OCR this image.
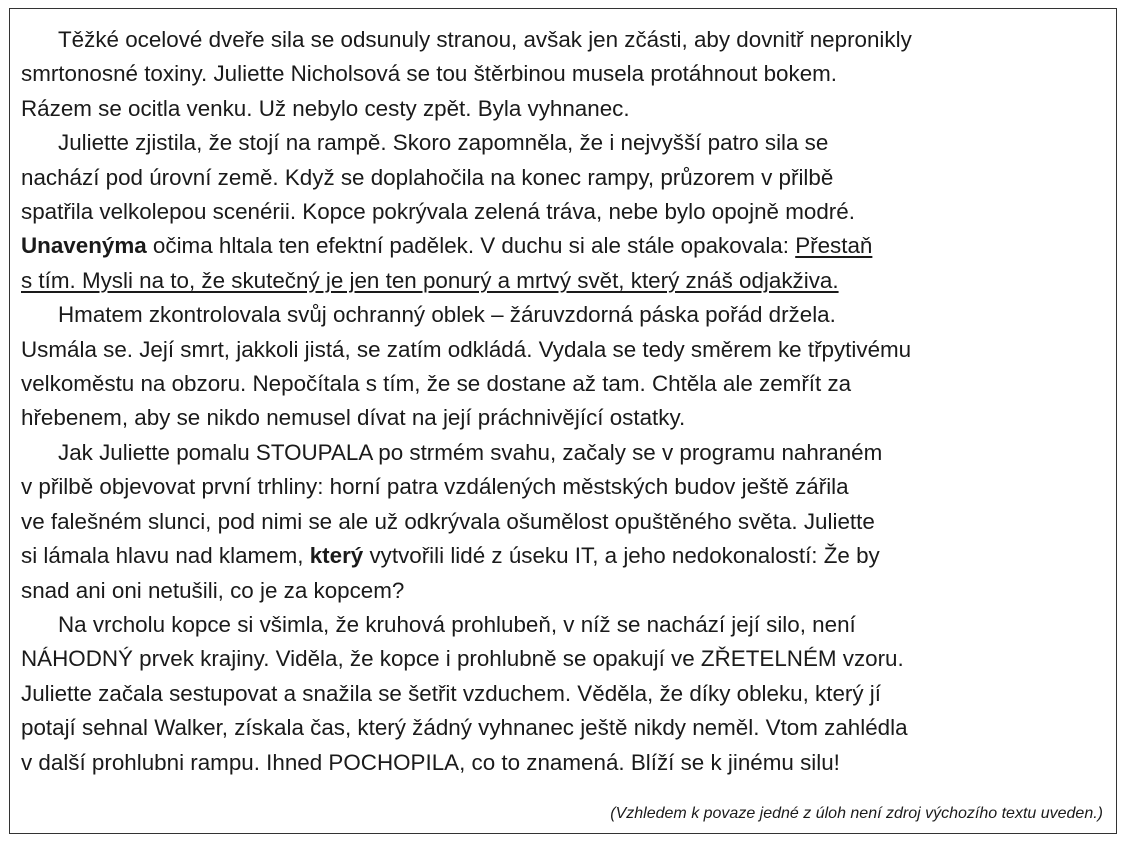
Těžké ocelové dveře sila se odsunuly stranou, avšak jen zčásti, aby dovnitř nepronikly
smrtonosné toxiny. Juliette Nicholsová se tou štěrbinou musela protáhnout bokem.
Rázem se ocitla venku. Už nebylo cesty zpět. Byla vyhnanec.

Juliette zjistila, že stojí na rampě. Skoro zapomněla, že i nejvyšší patro sila se
nachází pod úrovní země. Když se doplahočila na konec rampy, průzorem v přilbě
spatřila velkolepou scenérii. Kopce pokrývala zelená tráva, nebe bylo opojně modré.
Unavenýma očima hltala ten efektní padělek. V duchu si ale stále opakovala: Přestaň
s tím. Mysli na to, že skutečný je jen ten ponurý a mrtvý svět, který znáš odjakživa.

Hmatem zkontrolovala svůj ochranný oblek – žáruvzdorná páska pořád držela.
Usmála se. Její smrt, jakkoli jistá, se zatím odkládá. Vydala se tedy směrem ke třpytivému
velkoměstu na obzoru. Nepočítala s tím, že se dostane až tam. Chtěla ale zemřít za
hřebenem, aby se nikdo nemusel dívat na její práchnivějící ostatky.

Jak Juliette pomalu STOUPALA po strmém svahu, začaly se v programu nahraném
v přilbě objevovat první trhliny: horní patra vzdálených městských budov ještě zářila
ve falešném slunci, pod nimi se ale už odkrývala ošumělost opuštěného světa. Juliette
si lámala hlavu nad klamem, který vytvořili lidé z úseku IT, a jeho nedokonalostí: Že by
snad ani oni netušili, co je za kopcem?

Na vrcholu kopce si všimla, že kruhová prohlubeň, v níž se nachází její silo, není
NÁHODNÝ prvek krajiny. Viděla, že kopce i prohlubně se opakují ve ZŘETELNÉM vzoru.
Juliette začala sestupovat a snažila se šetřit vzduchem. Věděla, že díky obleku, který jí
potají sehnal Walker, získala čas, který žádný vyhnanec ještě nikdy neměl. Vtom zahlédla
v další prohlubni rampu. Ihned POCHOPILA, co to znamená. Blíží se k jinému silu!

(Vzhledem k povaze jedné z úloh není zdroj výchozího textu uveden.)
